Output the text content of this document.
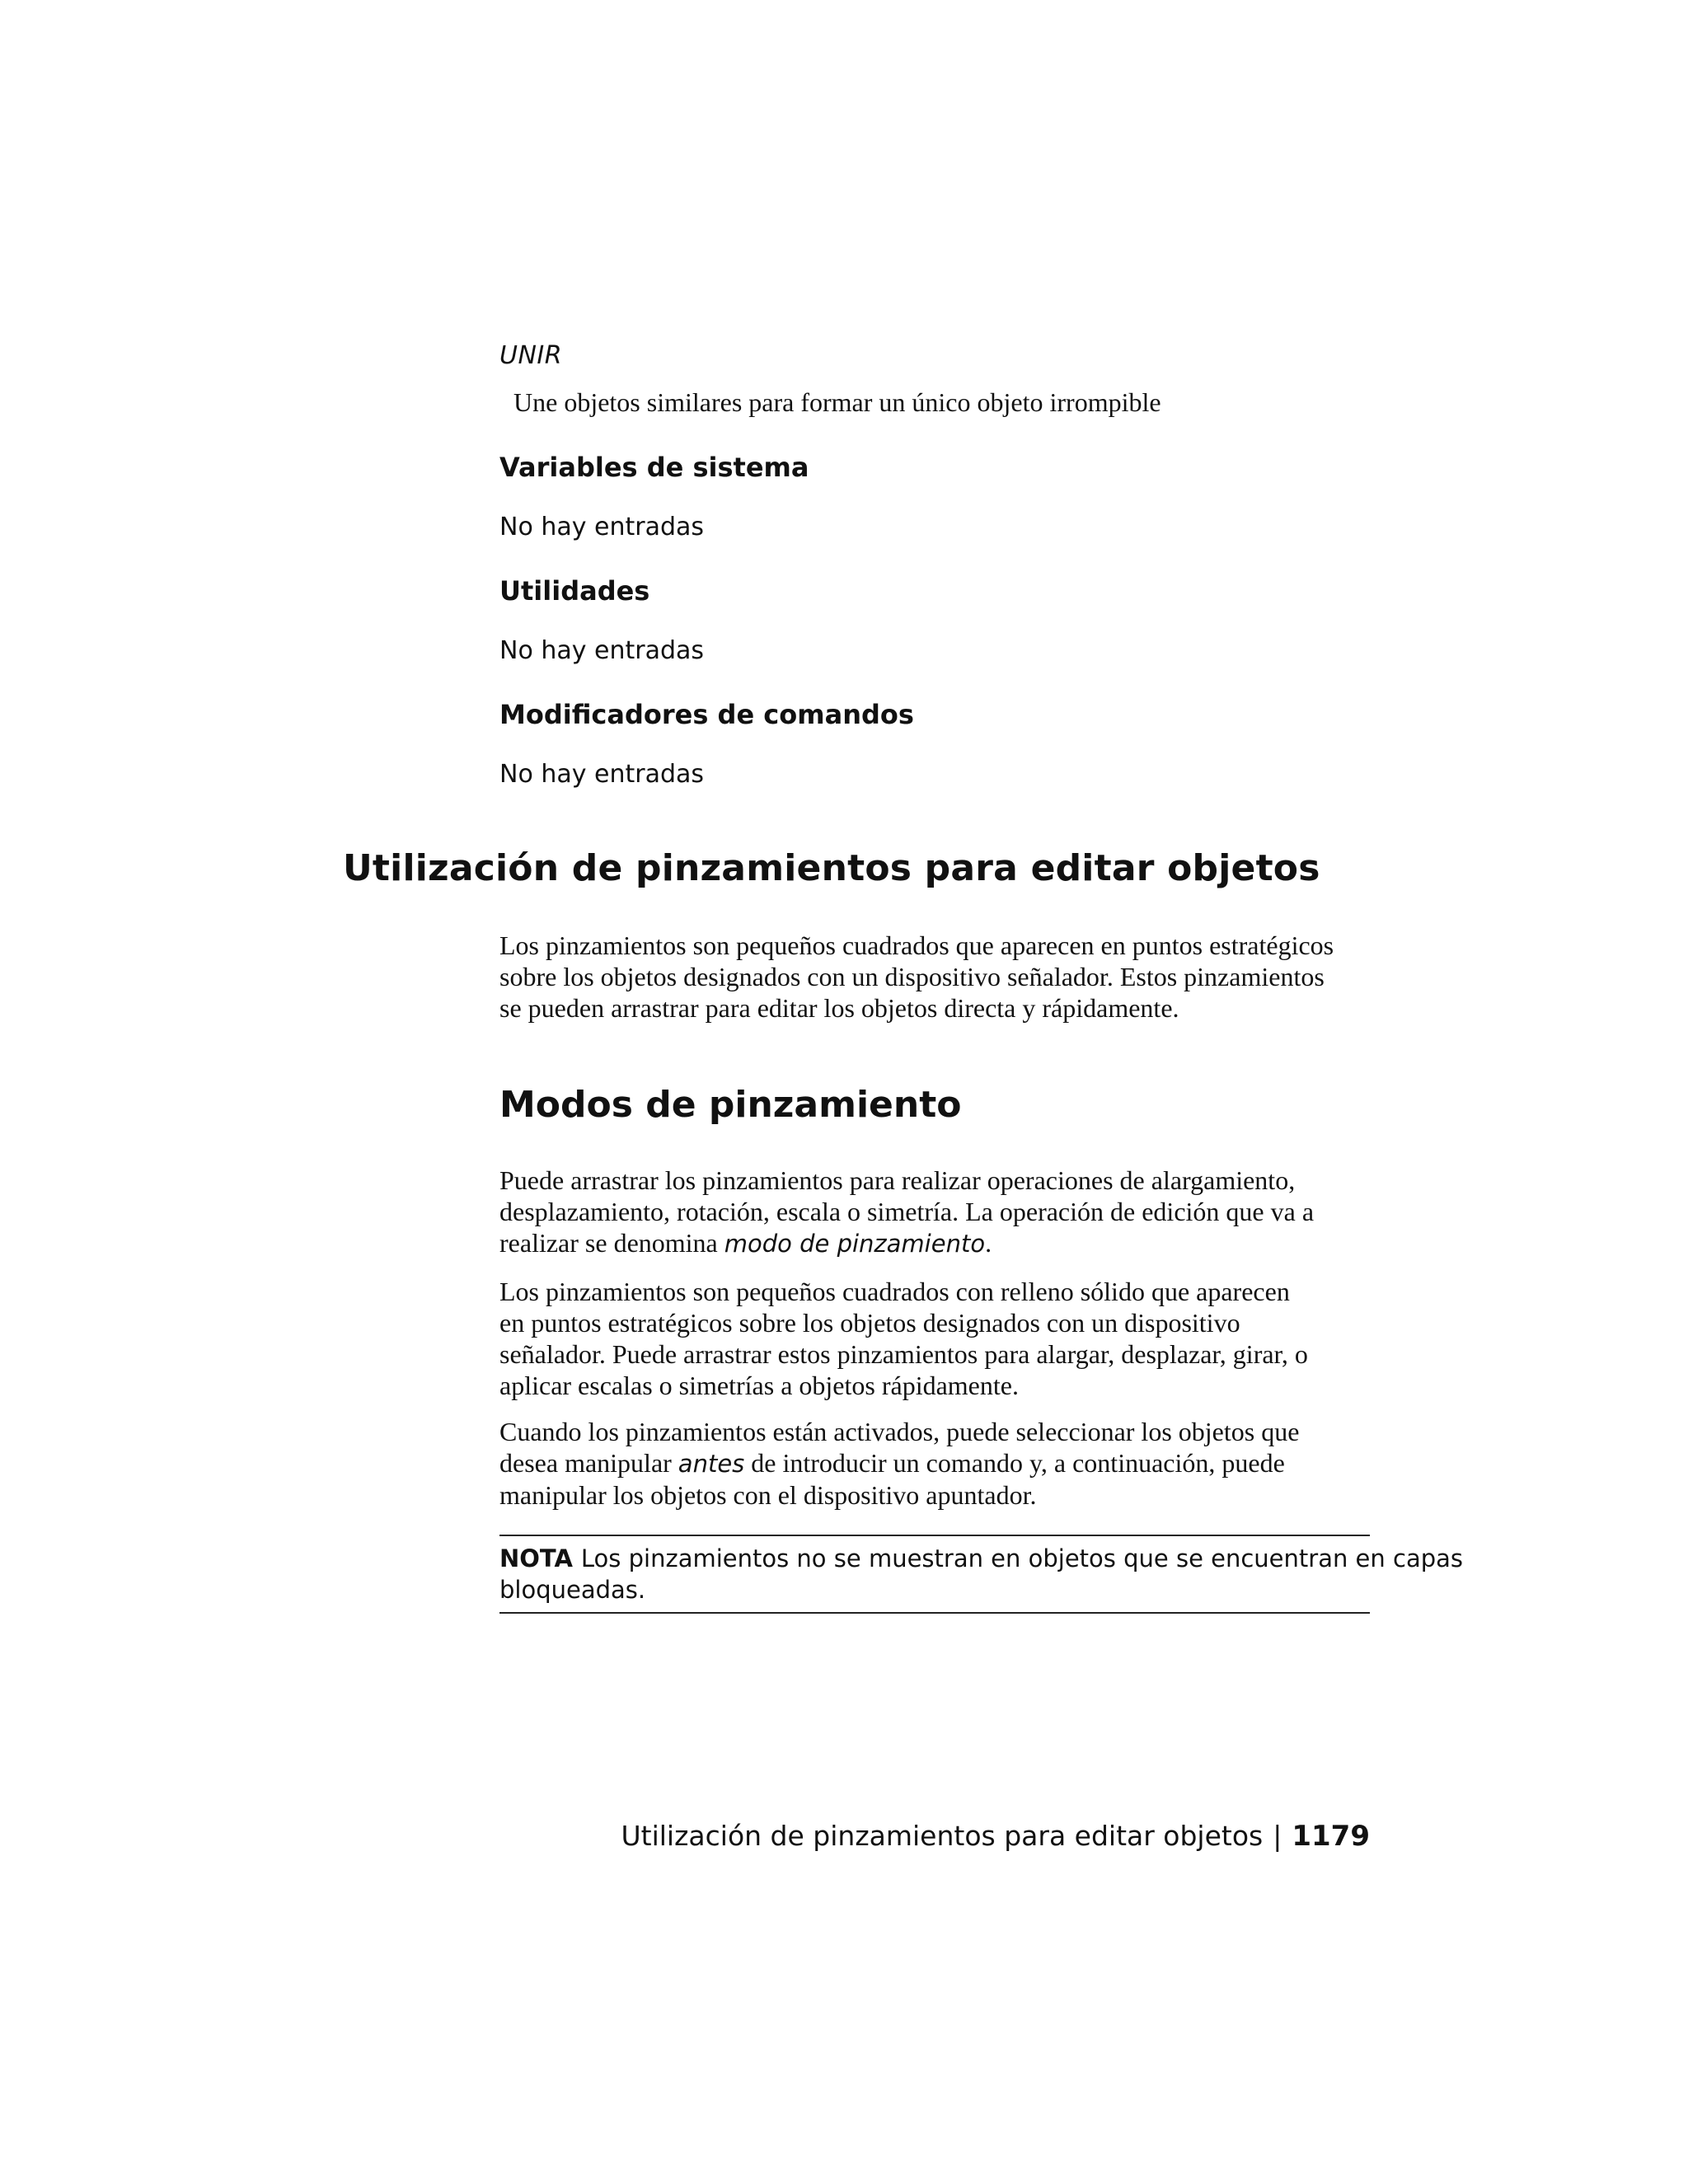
UNIR
Une objetos similares para formar un único objeto irrompible
Variables de sistema
No hay entradas
Utilidades
No hay entradas
Modificadores de comandos
No hay entradas
Utilización de pinzamientos para editar objetos
Los pinzamientos son pequeños cuadrados que aparecen en puntos estratégicos
sobre los objetos designados con un dispositivo señalador. Estos pinzamientos
se pueden arrastrar para editar los objetos directa y rápidamente.
Modos de pinzamiento
Puede arrastrar los pinzamientos para realizar operaciones de alargamiento,
desplazamiento, rotación, escala o simetría. La operación de edición que va a
realizar se denomina modo de pinzamiento.
Los pinzamientos son pequeños cuadrados con relleno sólido que aparecen
en puntos estratégicos sobre los objetos designados con un dispositivo
señalador. Puede arrastrar estos pinzamientos para alargar, desplazar, girar, o
aplicar escalas o simetrías a objetos rápidamente.
Cuando los pinzamientos están activados, puede seleccionar los objetos que
desea manipular antes de introducir un comando y, a continuación, puede
manipular los objetos con el dispositivo apuntador.
NOTA Los pinzamientos no se muestran en objetos que se encuentran en capas
bloqueadas.
Utilización de pinzamientos para editar objetos | 1179
